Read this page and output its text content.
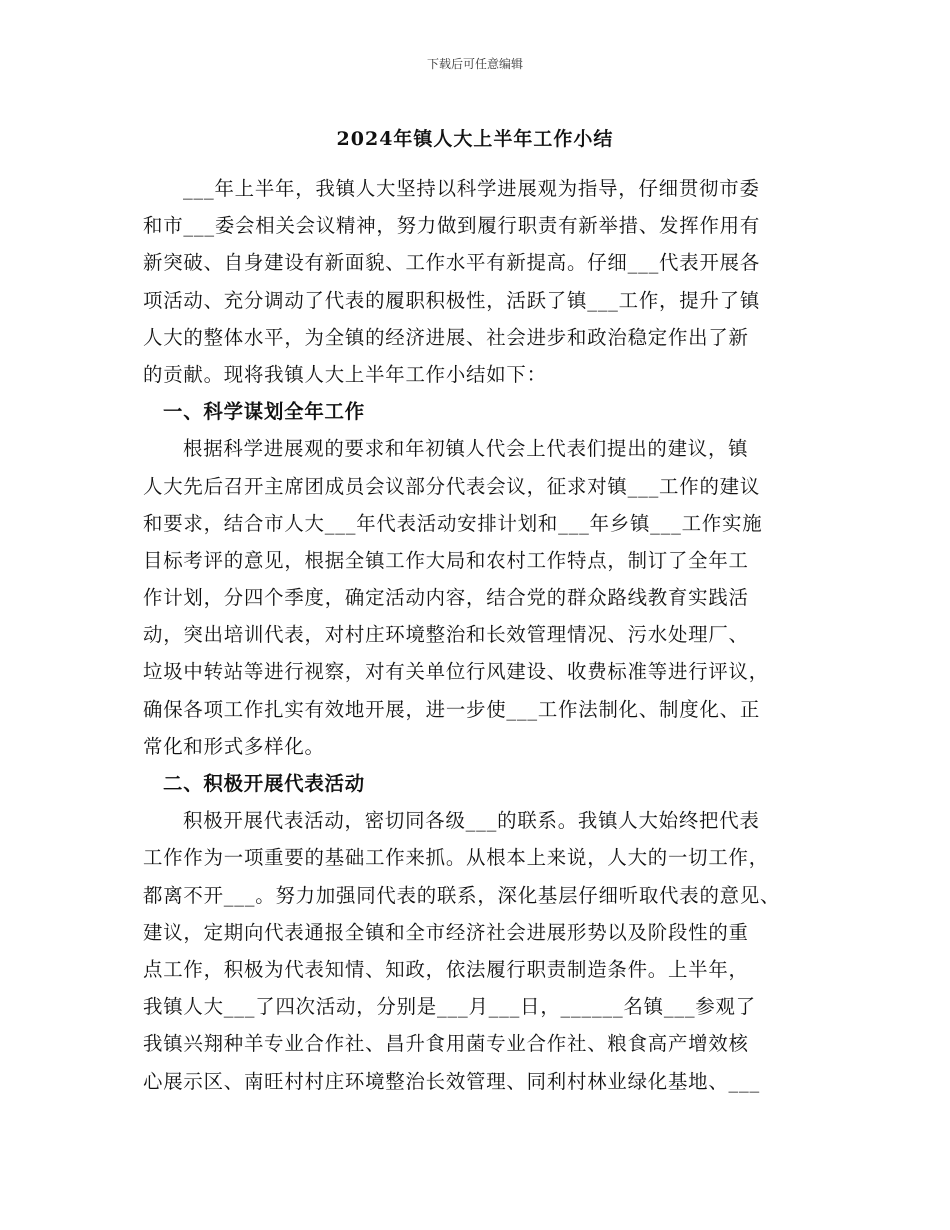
下载后可任意编辑
2024年镇人大上半年工作小结
___年上半年，我镇人大坚持以科学进展观为指导，仔细贯彻市委
和市___委会相关会议精神，努力做到履行职责有新举措、发挥作用有
新突破、自身建设有新面貌、工作水平有新提高。仔细___代表开展各
项活动、充分调动了代表的履职积极性，活跃了镇___工作，提升了镇
人大的整体水平，为全镇的经济进展、社会进步和政治稳定作出了新
的贡献。现将我镇人大上半年工作小结如下：
一、科学谋划全年工作
根据科学进展观的要求和年初镇人代会上代表们提出的建议，镇
人大先后召开主席团成员会议部分代表会议，征求对镇___工作的建议
和要求，结合市人大___年代表活动安排计划和___年乡镇___工作实施
目标考评的意见，根据全镇工作大局和农村工作特点，制订了全年工
作计划，分四个季度，确定活动内容，结合党的群众路线教育实践活
动，突出培训代表，对村庄环境整治和长效管理情况、污水处理厂、
垃圾中转站等进行视察，对有关单位行风建设、收费标准等进行评议，
确保各项工作扎实有效地开展，进一步使___工作法制化、制度化、正
常化和形式多样化。
二、积极开展代表活动
积极开展代表活动，密切同各级___的联系。我镇人大始终把代表
工作作为一项重要的基础工作来抓。从根本上来说，人大的一切工作，
都离不开___。努力加强同代表的联系，深化基层仔细听取代表的意见、
建议，定期向代表通报全镇和全市经济社会进展形势以及阶段性的重
点工作，积极为代表知情、知政，依法履行职责制造条件。上半年，
我镇人大___了四次活动，分别是___月___日，______名镇___参观了
我镇兴翔种羊专业合作社、昌升食用菌专业合作社、粮食高产增效核
心展示区、南旺村村庄环境整治长效管理、同利村林业绿化基地、___
